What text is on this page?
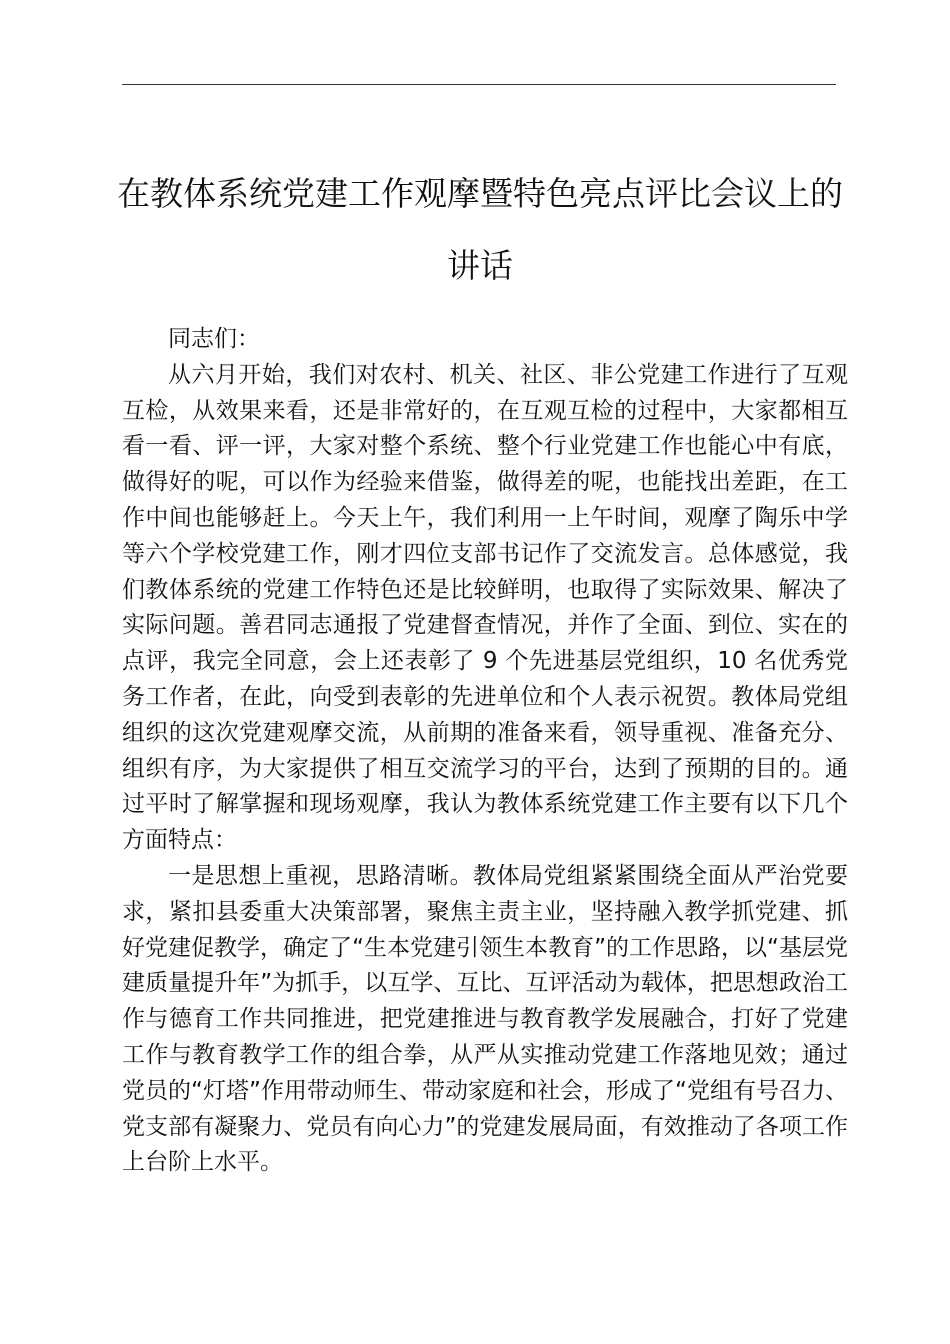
在教体系统党建工作观摩暨特色亮点评比会议上的讲话

同志们：

从六月开始，我们对农村、机关、社区、非公党建工作进行了互观互检，从效果来看，还是非常好的，在互观互检的过程中，大家都相互看一看、评一评，大家对整个系统、整个行业党建工作也能心中有底，做得好的呢，可以作为经验来借鉴，做得差的呢，也能找出差距，在工作中间也能够赶上。今天上午，我们利用一上午时间，观摩了陶乐中学等六个学校党建工作，刚才四位支部书记作了交流发言。总体感觉，我们教体系统的党建工作特色还是比较鲜明，也取得了实际效果、解决了实际问题。善君同志通报了党建督查情况，并作了全面、到位、实在的点评，我完全同意，会上还表彰了 9 个先进基层党组织，10 名优秀党务工作者，在此，向受到表彰的先进单位和个人表示祝贺。教体局党组组织的这次党建观摩交流，从前期的准备来看，领导重视、准备充分、组织有序，为大家提供了相互交流学习的平台，达到了预期的目的。通过平时了解掌握和现场观摩，我认为教体系统党建工作主要有以下几个方面特点：

一是思想上重视，思路清晰。教体局党组紧紧围绕全面从严治党要求，紧扣县委重大决策部署，聚焦主责主业，坚持融入教学抓党建、抓好党建促教学，确定了“生本党建引领生本教育”的工作思路，以“基层党建质量提升年”为抓手，以互学、互比、互评活动为载体，把思想政治工作与德育工作共同推进，把党建推进与教育教学发展融合，打好了党建工作与教育教学工作的组合拳，从严从实推动党建工作落地见效；通过党员的“灯塔”作用带动师生、带动家庭和社会，形成了“党组有号召力、党支部有凝聚力、党员有向心力”的党建发展局面，有效推动了各项工作上台阶上水平。
